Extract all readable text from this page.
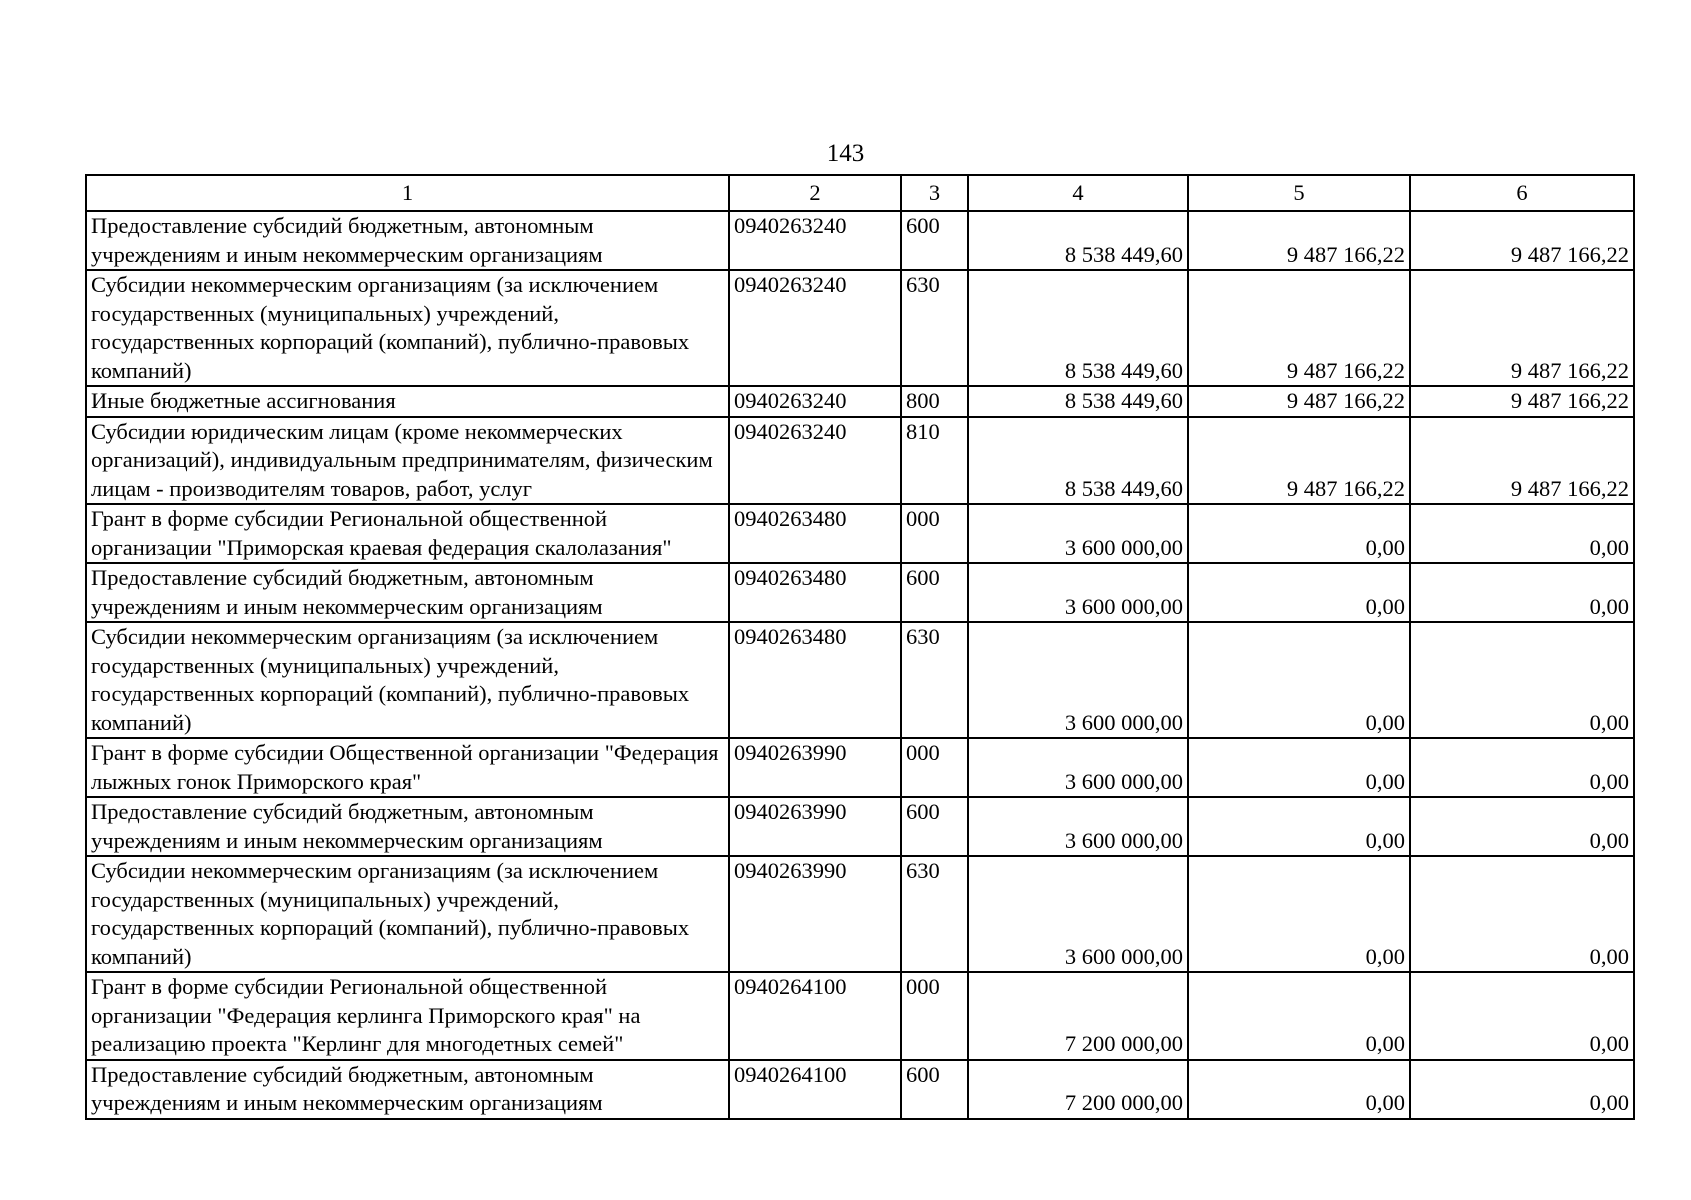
143
1	2	3	4	5	6
Предоставление субсидий бюджетным, автономным учреждениям и иным некоммерческим организациям	0940263240	600	8 538 449,60	9 487 166,22	9 487 166,22
Субсидии некоммерческим организациям (за исключением государственных (муниципальных) учреждений, государственных корпораций (компаний), публично-правовых компаний)	0940263240	630	8 538 449,60	9 487 166,22	9 487 166,22
Иные бюджетные ассигнования	0940263240	800	8 538 449,60	9 487 166,22	9 487 166,22
Субсидии юридическим лицам (кроме некоммерческих организаций), индивидуальным предпринимателям, физическим лицам - производителям товаров, работ, услуг	0940263240	810	8 538 449,60	9 487 166,22	9 487 166,22
Грант в форме субсидии Региональной общественной организации "Приморская краевая федерация скалолазания"	0940263480	000	3 600 000,00	0,00	0,00
Предоставление субсидий бюджетным, автономным учреждениям и иным некоммерческим организациям	0940263480	600	3 600 000,00	0,00	0,00
Субсидии некоммерческим организациям (за исключением государственных (муниципальных) учреждений, государственных корпораций (компаний), публично-правовых компаний)	0940263480	630	3 600 000,00	0,00	0,00
Грант в форме субсидии Общественной организации "Федерация лыжных гонок Приморского края"	0940263990	000	3 600 000,00	0,00	0,00
Предоставление субсидий бюджетным, автономным учреждениям и иным некоммерческим организациям	0940263990	600	3 600 000,00	0,00	0,00
Субсидии некоммерческим организациям (за исключением государственных (муниципальных) учреждений, государственных корпораций (компаний), публично-правовых компаний)	0940263990	630	3 600 000,00	0,00	0,00
Грант в форме субсидии Региональной общественной организации "Федерация керлинга Приморского края" на реализацию проекта "Керлинг для многодетных семей"	0940264100	000	7 200 000,00	0,00	0,00
Предоставление субсидий бюджетным, автономным учреждениям и иным некоммерческим организациям	0940264100	600	7 200 000,00	0,00	0,00
